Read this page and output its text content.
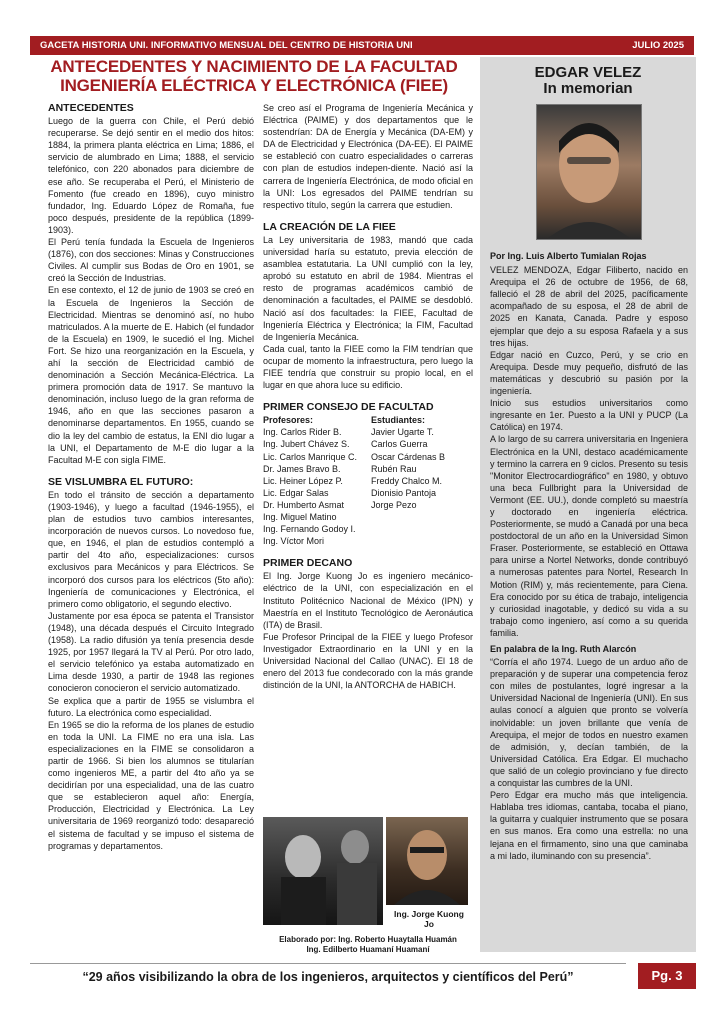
GACETA HISTORIA UNI. INFORMATIVO MENSUAL DEL CENTRO DE HISTORIA UNI	JULIO 2025
ANTECEDENTES Y NACIMIENTO DE LA FACULTAD
INGENIERÍA ELÉCTRICA Y ELECTRÓNICA (FIEE)
ANTECEDENTES

Luego de la guerra con Chile, el Perú debió recuperarse. Se dejó sentir en el medio dos hitos: 1884, la primera planta eléctrica en Lima; 1886, el servicio de alumbrado en Lima; 1888, el servicio telefónico, con 220 abonados para diciembre de ese año. Se recuperaba el Perú, el Ministerio de Fomento (fue creado en 1896), cuyo ministro fundador, Ing. Eduardo López de Romaña, fue poco después, presidente de la república (1899-1903).

El Perú tenía fundada la Escuela de Ingenieros (1876), con dos secciones: Minas y Construcciones Civiles. Al cumplir sus Bodas de Oro en 1901, se creó la Sección de Industrias.

En ese contexto, el 12 de junio de 1903 se creó en la Escuela de Ingenieros la Sección de Electricidad. Mientras se denominó así, no hubo matriculados. A la muerte de E. Habich (el fundador de la Escuela) en 1909, le sucedió el Ing. Michel Fort. Se hizo una reorganización en la Escuela, y ahí la sección de Electricidad cambió de denominación a Sección Mecánica-Eléctrica. La primera promoción data de 1917. Se mantuvo la denominación, incluso luego de la gran reforma de 1946, año en que las secciones pasaron a denominarse departamentos. En 1955, cuando se dio la ley del cambio de estatus, la ENI dio lugar a la UNI, el Departamento de M-E dio lugar a la Facultad M-E con sigla FIME.

SE VISLUMBRA EL FUTURO:

En todo el tránsito de sección a departamento (1903-1946), y luego a facultad (1946-1955), el plan de estudios tuvo cambios interesantes, incorporación de nuevos cursos. Lo novedoso fue, que, en 1946, el plan de estudios contempló a partir del 4to año, especializaciones: cursos exclusivos para Mecánicos y para Eléctricos. Se incorporó dos cursos para los eléctricos (5to año): Ingeniería de comunicaciones y Electrónica, el primero como obligatorio, el segundo electivo.

Justamente por esa época se patenta el Transistor (1948), una década después el Circuito Integrado (1958). La radio difusión ya tenía presencia desde 1925, por 1957 llegará la TV al Perú. Por otro lado, el servicio telefónico ya estaba automatizado en Lima desde 1930, a partir de 1948 las regiones conocieron conocieron el servicio automatizado.

Se explica que a partir de 1955 se vislumbra el futuro. La electrónica como especialidad.

En 1965 se dio la reforma de los planes de estudio en toda la UNI. La FIME no era una isla. Las especializaciones en la FIME se consolidaron a partir de 1966. Si bien los alumnos se titularían como ingenieros ME, a partir del 4to año ya se decidirían por una especialidad, una de las cuatro que se establecieron aquel año: Energía, Producción, Electricidad y Electrónica. La Ley universitaria de 1969 reorganizó todo: desapareció el sistema de facultad y se impuso el sistema de programas y departamentos.

Se creo así el Programa de Ingeniería Mecánica y Eléctrica (PAIME) y dos departamentos que le sostendrían: DA de Energía y Mecánica (DA-EM) y DA de Electricidad y Electrónica (DA-EE). El PAIME se estableció con cuatro especialidades o carreras con plan de estudios indepen-diente. Nació así la carrera de Ingeniería Electrónica, de modo oficial en la UNI: Los egresados del PAIME tendrían su respectivo título, según la carrera que estudien.

LA CREACIÓN DE LA FIEE

La Ley universitaria de 1983, mandó que cada universidad haría su estatuto, previa elección de asamblea estatutaria. La UNI cumplió con la ley, aprobó su estatuto en abril de 1984. Mientras el resto de programas académicos cambió de denominación a facultades, el PAIME se desdobló. Nació así dos facultades: la FIEE, Facultad de Ingeniería Eléctrica y Electrónica; la FIM, Facultad de Ingeniería Mecánica.

Cada cual, tanto la FIEE como la FIM tendrían que ocupar de momento la infraestructura, pero luego la FIEE tendría que construir su propio local, en el lugar en que ahora luce su edificio.

PRIMER CONSEJO DE FACULTAD
Profesores:
Ing. Carlos Rider B.
Ing. Jubert Chávez S.
Lic. Carlos Manrique C.
Dr. James Bravo B.
Lic. Heiner López P.
Lic. Edgar Salas
Dr. Humberto Asmat
Ing. Miguel Matino
Ing. Fernando Godoy I.
Ing. Víctor Mori
Estudiantes:
Javier Ugarte T.
Carlos Guerra
Oscar Cárdenas B
Rubén Rau
Freddy Chalco M.
Dionisio Pantoja
Jorge Pezo
PRIMER DECANO

El Ing. Jorge Kuong Jo es ingeniero mecánico-eléctrico de la UNI, con especialización en el Instituto Politécnico Nacional de México (IPN) y Maestría en el Instituto Tecnológico de Aeronáutica (ITA) de Brasil.

Fue Profesor Principal de la FIEE y luego Profesor Investigador Extraordinario en la UNI y en la Universidad Nacional del Callao (UNAC). El 18 de enero del 2013 fue condecorado con la más grande distinción de la UNI, la ANTORCHA de HABICH.

Ing. Jorge Kuong Jo
Elaborado por: Ing. Roberto Huaytalla Huamán
Ing. Edilberto Huamaní Huamaní
EDGAR VELEZ
In memorian
Por Ing. Luis Alberto Tumialan Rojas

VELEZ MENDOZA, Edgar Filiberto, nacido en Arequipa el 26 de octubre de 1956, de 68, falleció el 28 de abril del 2025, pacíficamente acompañado de su esposa, el 28 de abril de 2025 en Kanata, Canada. Padre y esposo ejemplar que dejo a su esposa Rafaela y a sus tres hijas.

Edgar nació en Cuzco, Perú, y se crio en Arequipa. Desde muy pequeño, disfrutó de las matemáticas y descubrió su pasión por la ingeniería.

Inicio sus estudios universitarios como ingresante en 1er. Puesto a la UNI y PUCP (La Católica) en 1974.

A lo largo de su carrera universitaria en Ingeniera Electrónica en la UNI, destaco académicamente y termino la carrera en 9 ciclos. Presento su tesis "Monitor Electrocardiográfico" en 1980, y obtuvo una beca Fullbright para la Universidad de Vermont (EE. UU.), donde completó su maestría y doctorado en ingeniería eléctrica. Posteriormente, se mudó a Canadá por una beca postdoctoral de un año en la Universidad Simon Fraser. Posteriormente, se estableció en Ottawa para unirse a Nortel Networks, donde contribuyó a numerosas patentes para Nortel, Research In Motion (RIM) y, más recientemente, para Ciena. Era conocido por su ética de trabajo, inteligencia y curiosidad inagotable, y dedicó su vida a su trabajo como ingeniero, así como a su querida familia.

En palabra de la Ing. Ruth Alarcón

“Corría el año 1974. Luego de un arduo año de preparación y de superar una competencia feroz con miles de postulantes, logré ingresar a la Universidad Nacional de Ingeniería (UNI). En sus aulas conocí a alguien que pronto se volvería inolvidable: un joven brillante que venía de Arequipa, el mejor de todos en nuestro examen de admisión, y, decían también, de la Universidad Católica. Era Edgar. El muchacho que salió de un colegio provinciano y fue directo a conquistar las cumbres de la UNI.

Pero Edgar era mucho más que inteligencia. Hablaba tres idiomas, cantaba, tocaba el piano, la guitarra y cualquier instrumento que se posara en sus manos. Era como una estrella: no una lejana en el firmamento, sino una que caminaba a mi lado, iluminando con su presencia”.

“29 años visibilizando la obra de los ingenieros, arquitectos y científicos del Perú”	Pg. 3
